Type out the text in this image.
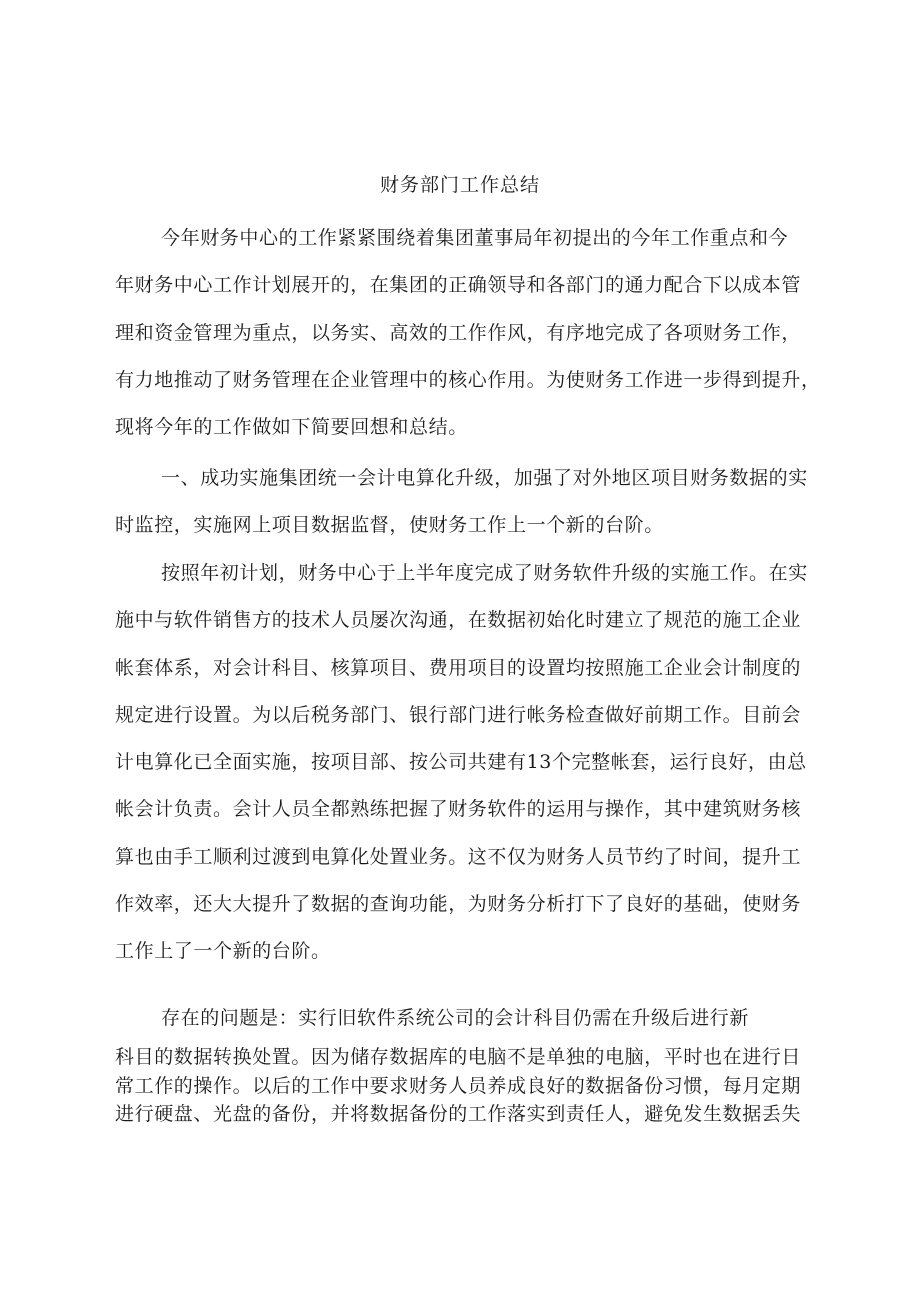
财务部门工作总结
今年财务中心的工作紧紧围绕着集团董事局年初提出的今年工作重点和今
年财务中心工作计划展开的，在集团的正确领导和各部门的通力配合下以成本管
理和资金管理为重点，以务实、高效的工作作风，有序地完成了各项财务工作，
有力地推动了财务管理在企业管理中的核心作用。为使财务工作进一步得到提升，
现将今年的工作做如下简要回想和总结。
一、成功实施集团统一会计电算化升级，加强了对外地区项目财务数据的实
时监控，实施网上项目数据监督，使财务工作上一个新的台阶。
按照年初计划，财务中心于上半年度完成了财务软件升级的实施工作。在实
施中与软件销售方的技术人员屡次沟通，在数据初始化时建立了规范的施工企业
帐套体系，对会计科目、核算项目、费用项目的设置均按照施工企业会计制度的
规定进行设置。为以后税务部门、银行部门进行帐务检查做好前期工作。目前会
计电算化已全面实施，按项目部、按公司共建有13个完整帐套，运行良好，由总
帐会计负责。会计人员全都熟练把握了财务软件的运用与操作，其中建筑财务核
算也由手工顺利过渡到电算化处置业务。这不仅为财务人员节约了时间，提升工
作效率，还大大提升了数据的查询功能，为财务分析打下了良好的基础，使财务
工作上了一个新的台阶。
存在的问题是：实行旧软件系统公司的会计科目仍需在升级后进行新
科目的数据转换处置。因为储存数据库的电脑不是单独的电脑，平时也在进行日
常工作的操作。以后的工作中要求财务人员养成良好的数据备份习惯，每月定期
进行硬盘、光盘的备份，并将数据备份的工作落实到责任人，避免发生数据丢失
